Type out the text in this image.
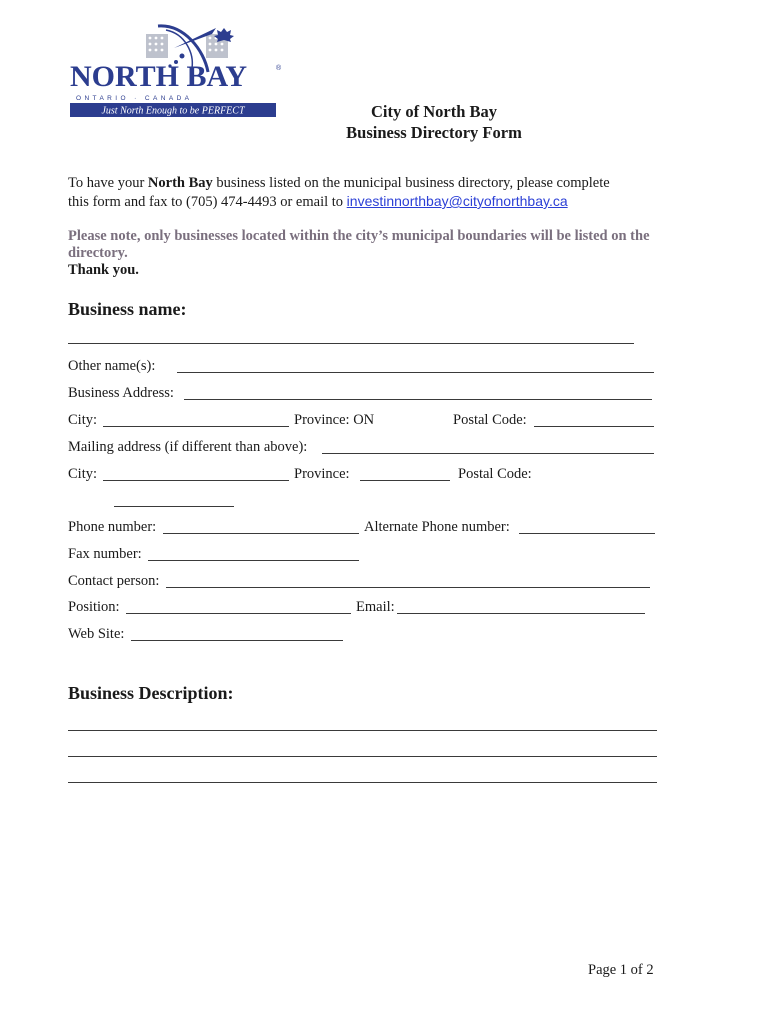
NORTH BAY	®
ONTARIO · CANADA
Just North Enough to be PERFECT	City of North Bay
Business Directory Form
To have your North Bay business listed on the municipal business directory, please complete
this form and fax to (705) 474-4493 or email to investinnorthbay@cityofnorthbay.ca
Please note, only businesses located within the city’s municipal boundaries will be listed on the directory.
Thank you.
Business name:
Other name(s):
Business Address:
City:	Province: ON	Postal Code:
Mailing address (if different than above):
City:	Province:	Postal Code:
Phone number:	Alternate Phone number:
Fax number:
Contact person:
Position:	Email:
Web Site:
Business Description:
Page 1 of 2
